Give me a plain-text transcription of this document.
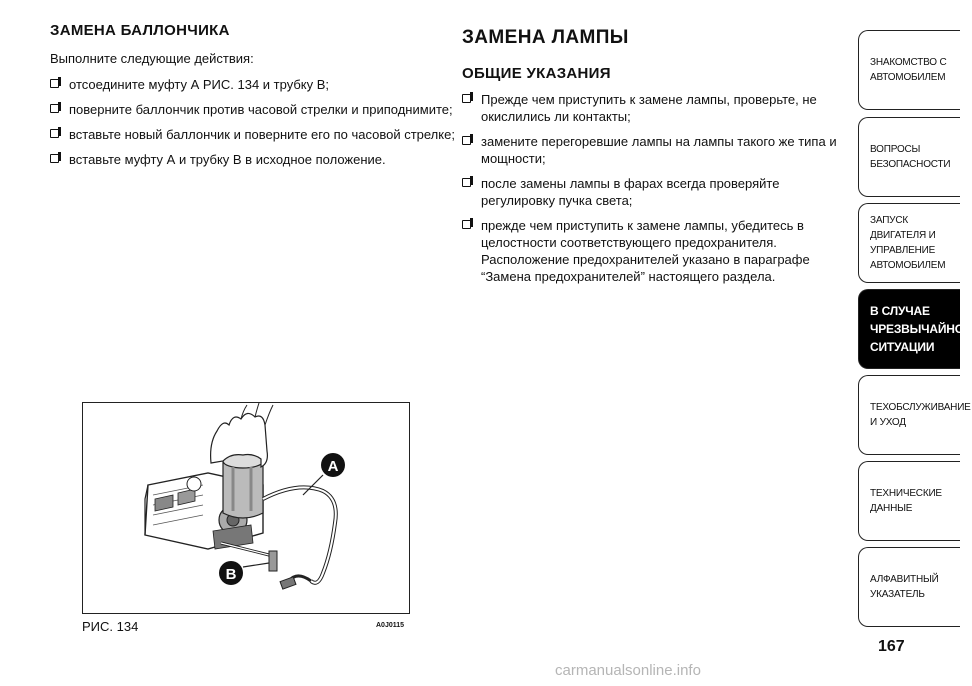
ЗАМЕНА БАЛЛОНЧИКА
Выполните следующие действия:
отсоедините муфту А РИС. 134 и трубку В;
поверните баллончик против часовой стрелки и приподнимите;
вставьте новый баллончик и поверните его по часовой стрелке;
вставьте муфту А и трубку В в исходное положение.
ЗАМЕНА ЛАМПЫ
ОБЩИЕ УКАЗАНИЯ
Прежде чем приступить к замене лампы, проверьте, не окислились ли контакты;
замените перегоревшие лампы на лампы такого же типа и мощности;
после замены лампы в фарах всегда проверяйте регулировку пучка света;
прежде чем приступить к замене лампы, убедитесь в целостности соответствующего предохранителя. Расположение предохранителей указано в параграфе “Замена предохранителей” настоящего раздела.
A
B
РИС. 134	A0J0115
ЗНАКОМСТВО С
АВТОМОБИЛЕМ
ВОПРОСЫ
БЕЗОПАСНОСТИ
ЗАПУСК ДВИГАТЕЛЯ И
УПРАВЛЕНИЕ
АВТОМОБИЛЕМ
В СЛУЧАЕ
ЧРЕЗВЫЧАЙНОЙ
СИТУАЦИИ
ТЕХОБСЛУЖИВАНИЕ
И УХОД
ТЕХНИЧЕСКИЕ
ДАННЫЕ
АЛФАВИТНЫЙ
УКАЗАТЕЛЬ
167
carmanualsonline.info
